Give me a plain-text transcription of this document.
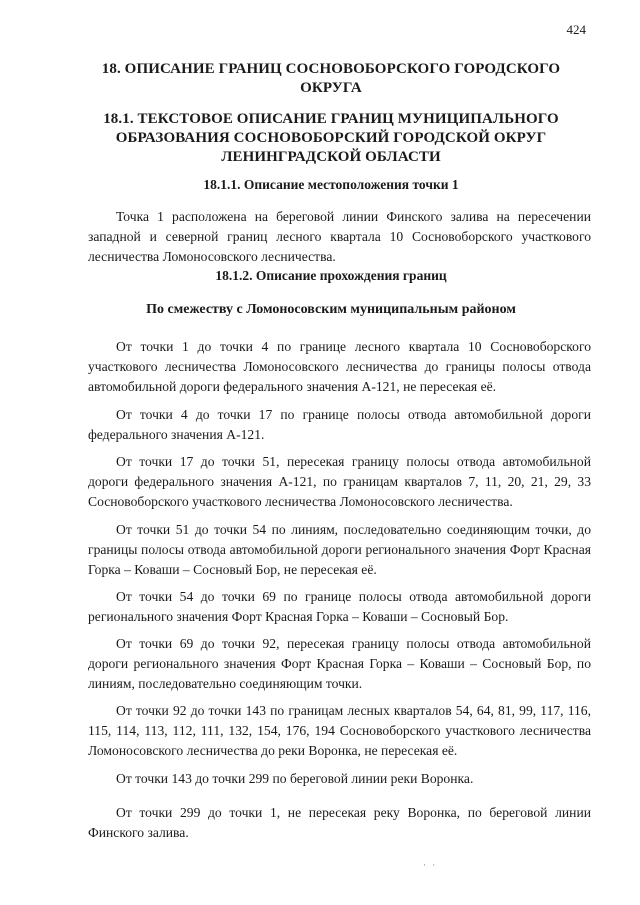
424
18. ОПИСАНИЕ ГРАНИЦ СОСНОВОБОРСКОГО ГОРОДСКОГО ОКРУГА
18.1. ТЕКСТОВОЕ ОПИСАНИЕ ГРАНИЦ МУНИЦИПАЛЬНОГО ОБРАЗОВАНИЯ СОСНОВОБОРСКИЙ ГОРОДСКОЙ ОКРУГ ЛЕНИНГРАДСКОЙ ОБЛАСТИ
18.1.1. Описание местоположения точки 1

Точка 1 расположена на береговой линии Финского залива на пересечении западной и северной границ лесного квартала 10 Сосновоборского участкового лесничества Ломоносовского лесничества.

18.1.2. Описание прохождения границ
По смежеству с Ломоносовским муниципальным районом

От точки 1 до точки 4 по границе лесного квартала 10 Сосновоборского участкового лесничества Ломоносовского лесничества до границы полосы отвода автомобильной дороги федерального значения А-121, не пересекая её.

От точки 4 до точки 17 по границе полосы отвода автомобильной дороги федерального значения А-121.

От точки 17 до точки 51, пересекая границу полосы отвода автомобильной дороги федерального значения А-121, по границам кварталов 7, 11, 20, 21, 29, 33 Сосновоборского участкового лесничества Ломоносовского лесничества.

От точки 51 до точки 54 по линиям, последовательно соединяющим точки, до границы полосы отвода автомобильной дороги регионального значения Форт Красная Горка – Коваши – Сосновый Бор, не пересекая её.

От точки 54 до точки 69 по границе полосы отвода автомобильной дороги регионального значения Форт Красная Горка – Коваши – Сосновый Бор.

От точки 69 до точки 92, пересекая границу полосы отвода автомобильной дороги регионального значения Форт Красная Горка – Коваши – Сосновый Бор, по линиям, последовательно соединяющим точки.

От точки 92 до точки 143 по границам лесных кварталов 54, 64, 81, 99, 117, 116, 115, 114, 113, 112, 111, 132, 154, 176, 194 Сосновоборского участкового лесничества Ломоносовского лесничества до реки Воронка, не пересекая её.

От точки 143 до точки 299 по береговой линии реки Воронка.

От точки 299 до точки 1, не пересекая реку Воронка, по береговой линии Финского залива.

· ·
